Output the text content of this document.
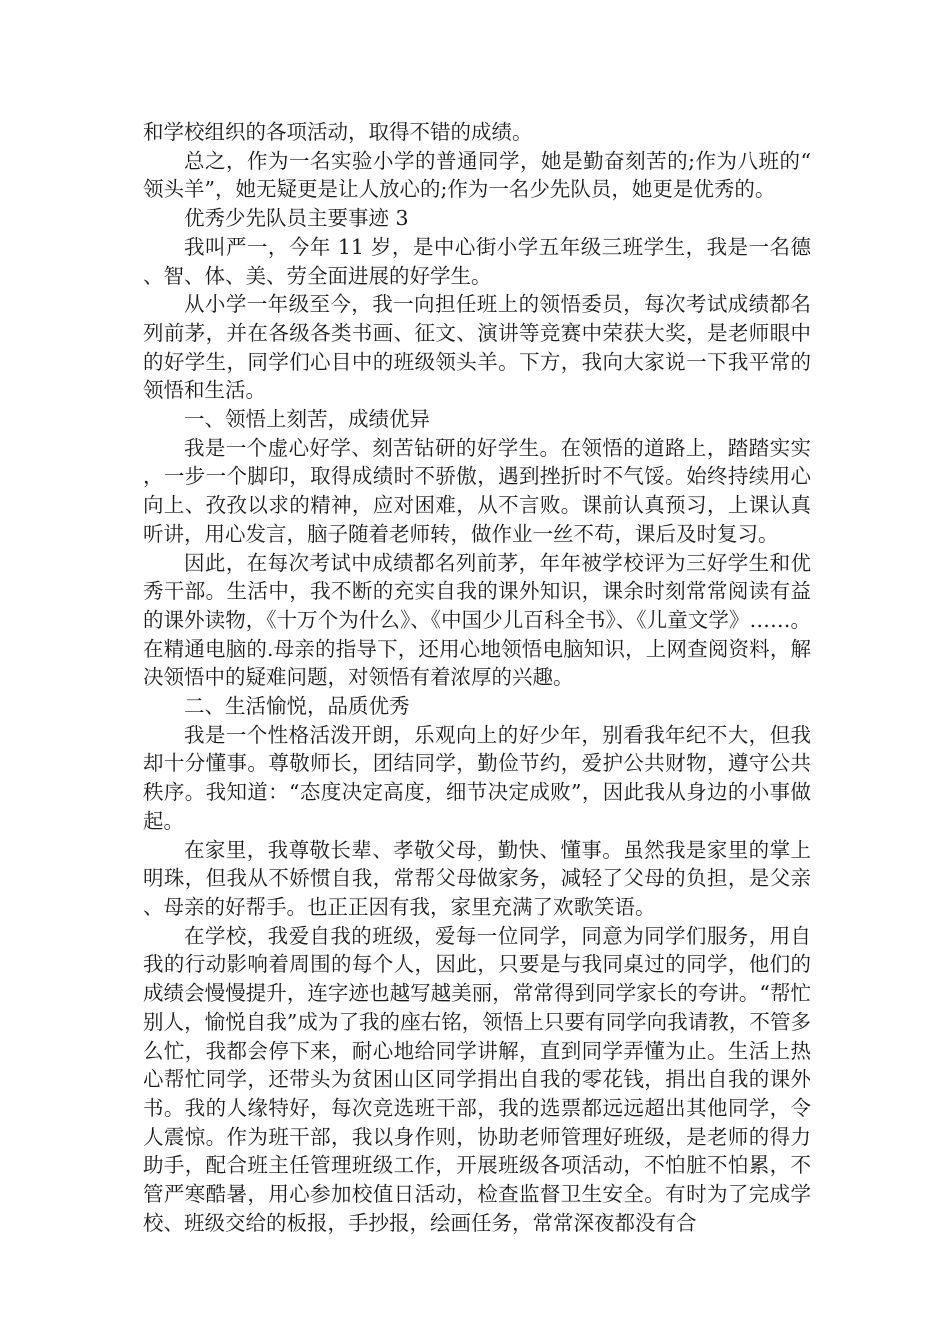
和学校组织的各项活动，取得不错的成绩。

总之，作为一名实验小学的普通同学，她是勤奋刻苦的;作为八班的“领头羊”，她无疑更是让人放心的;作为一名少先队员，她更是优秀的。

优秀少先队员主要事迹 3

我叫严一，今年 11 岁，是中心街小学五年级三班学生，我是一名德、智、体、美、劳全面进展的好学生。

从小学一年级至今，我一向担任班上的领悟委员，每次考试成绩都名列前茅，并在各级各类书画、征文、演讲等竞赛中荣获大奖，是老师眼中的好学生，同学们心目中的班级领头羊。下方，我向大家说一下我平常的领悟和生活。

一、领悟上刻苦，成绩优异

我是一个虚心好学、刻苦钻研的好学生。在领悟的道路上，踏踏实实，一步一个脚印，取得成绩时不骄傲，遇到挫折时不气馁。始终持续用心向上、孜孜以求的精神，应对困难，从不言败。课前认真预习，上课认真听讲，用心发言，脑子随着老师转，做作业一丝不苟，课后及时复习。

因此，在每次考试中成绩都名列前茅，年年被学校评为三好学生和优秀干部。生活中，我不断的充实自我的课外知识，课余时刻常常阅读有益的课外读物，《十万个为什么》、《中国少儿百科全书》、《儿童文学》……。在精通电脑的.母亲的指导下，还用心地领悟电脑知识，上网查阅资料，解决领悟中的疑难问题，对领悟有着浓厚的兴趣。

二、生活愉悦，品质优秀

我是一个性格活泼开朗，乐观向上的好少年，别看我年纪不大，但我却十分懂事。尊敬师长，团结同学，勤俭节约，爱护公共财物，遵守公共秩序。我知道：“态度决定高度，细节决定成败”，因此我从身边的小事做起。

在家里，我尊敬长辈、孝敬父母，勤快、懂事。虽然我是家里的掌上明珠，但我从不娇惯自我，常帮父母做家务，减轻了父母的负担，是父亲、母亲的好帮手。也正正因有我，家里充满了欢歌笑语。

在学校，我爱自我的班级，爱每一位同学，同意为同学们服务，用自我的行动影响着周围的每个人，因此，只要是与我同桌过的同学，他们的成绩会慢慢提升，连字迹也越写越美丽，常常得到同学家长的夸讲。“帮忙别人，愉悦自我”成为了我的座右铭，领悟上只要有同学向我请教，不管多么忙，我都会停下来，耐心地给同学讲解，直到同学弄懂为止。生活上热心帮忙同学，还带头为贫困山区同学捐出自我的零花钱，捐出自我的课外书。我的人缘特好，每次竞选班干部，我的选票都远远超出其他同学，令人震惊。作为班干部，我以身作则，协助老师管理好班级，是老师的得力助手，配合班主任管理班级工作，开展班级各项活动，不怕脏不怕累，不管严寒酷暑，用心参加校值日活动，检查监督卫生安全。有时为了完成学校、班级交给的板报，手抄报，绘画任务，常常深夜都没有合
